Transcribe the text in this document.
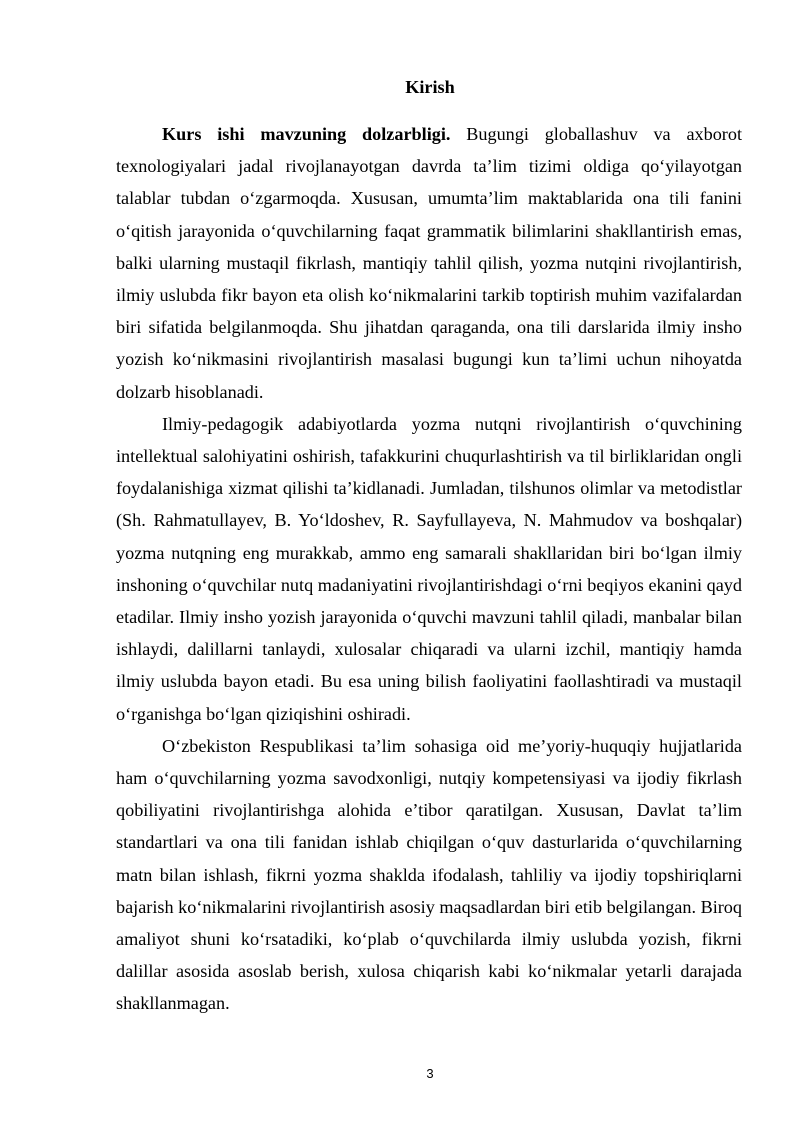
Kirish

Kurs ishi mavzuning dolzarbligi. Bugungi globallashuv va axborot texnologiyalari jadal rivojlanayotgan davrda ta’lim tizimi oldiga qo‘yilayotgan talablar tubdan o‘zgarmoqda. Xususan, umumta’lim maktablarida ona tili fanini o‘qitish jarayonida o‘quvchilarning faqat grammatik bilimlarini shakllantirish emas, balki ularning mustaqil fikrlash, mantiqiy tahlil qilish, yozma nutqini rivojlantirish, ilmiy uslubda fikr bayon eta olish ko‘nikmalarini tarkib toptirish muhim vazifalardan biri sifatida belgilanmoqda. Shu jihatdan qaraganda, ona tili darslarida ilmiy insho yozish ko‘nikmasini rivojlantirish masalasi bugungi kun ta’limi uchun nihoyatda dolzarb hisoblanadi.

Ilmiy-pedagogik adabiyotlarda yozma nutqni rivojlantirish o‘quvchining intellektual salohiyatini oshirish, tafakkurini chuqurlashtirish va til birliklaridan ongli foydalanishiga xizmat qilishi ta’kidlanadi. Jumladan, tilshunos olimlar va metodistlar (Sh. Rahmatullayev, B. Yo‘ldoshev, R. Sayfullayeva, N. Mahmudov va boshqalar) yozma nutqning eng murakkab, ammo eng samarali shakllaridan biri bo‘lgan ilmiy inshoning o‘quvchilar nutq madaniyatini rivojlantirishdagi o‘rni beqiyos ekanini qayd etadilar. Ilmiy insho yozish jarayonida o‘quvchi mavzuni tahlil qiladi, manbalar bilan ishlaydi, dalillarni tanlaydi, xulosalar chiqaradi va ularni izchil, mantiqiy hamda ilmiy uslubda bayon etadi. Bu esa uning bilish faoliyatini faollashtiradi va mustaqil o‘rganishga bo‘lgan qiziqishini oshiradi.

O‘zbekiston Respublikasi ta’lim sohasiga oid me’yoriy-huquqiy hujjatlarida ham o‘quvchilarning yozma savodxonligi, nutqiy kompetensiyasi va ijodiy fikrlash qobiliyatini rivojlantirishga alohida e’tibor qaratilgan. Xususan, Davlat ta’lim standartlari va ona tili fanidan ishlab chiqilgan o‘quv dasturlarida o‘quvchilarning matn bilan ishlash, fikrni yozma shaklda ifodalash, tahliliy va ijodiy topshiriqlarni bajarish ko‘nikmalarini rivojlantirish asosiy maqsadlardan biri etib belgilangan. Biroq amaliyot shuni ko‘rsatadiki, ko‘plab o‘quvchilarda ilmiy uslubda yozish, fikrni dalillar asosida asoslab berish, xulosa chiqarish kabi ko‘nikmalar yetarli darajada shakllanmagan.

3
